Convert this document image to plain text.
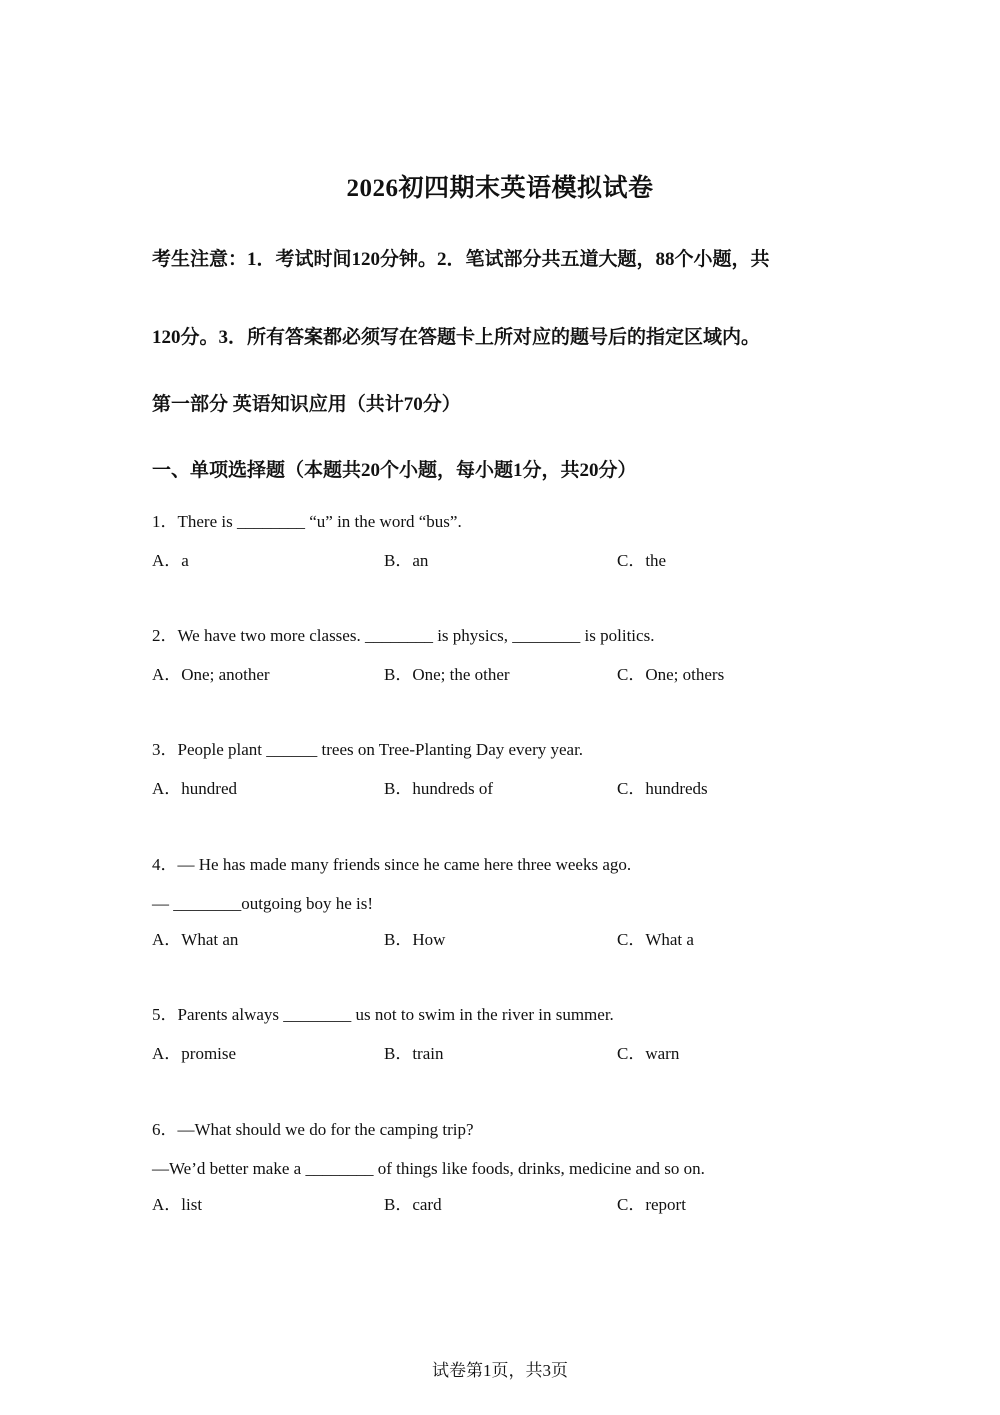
2026初四期末英语模拟试卷
考生注意：1．考试时间120分钟。2．笔试部分共五道大题，88个小题，共
120分。3．所有答案都必须写在答题卡上所对应的题号后的指定区域内。
第一部分 英语知识应用（共计70分）
一、单项选择题（本题共20个小题，每小题1分，共20分）
1．There is ________ “u” in the word “bus”.
A．a	B．an	C．the
2．We have two more classes. ________ is physics, ________ is politics.
A．One; another	B．One; the other	C．One; others
3．People plant ______ trees on Tree-Planting Day every year.
A．hundred	B．hundreds of	C．hundreds
4．— He has made many friends since he came here three weeks ago.
— ________outgoing boy he is!
A．What an	B．How	C．What a
5．Parents always ________ us not to swim in the river in summer.
A．promise	B．train	C．warn
6．—What should we do for the camping trip?
—We’d better make a ________ of things like foods, drinks, medicine and so on.
A．list	B．card	C．report
试卷第1页，共3页
